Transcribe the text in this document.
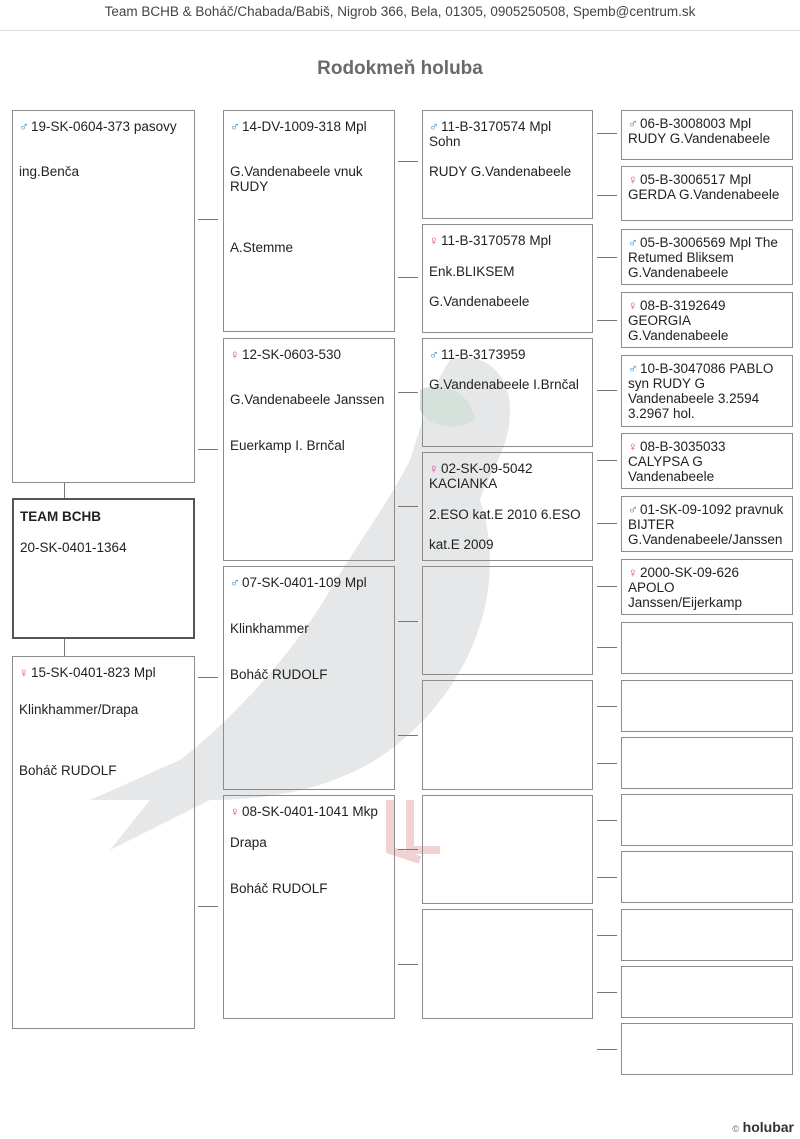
Team BCHB & Boháč/Chabada/Babiš, Nigrob 366, Bela, 01305, 0905250508, Spemb@centrum.sk
Rodokmeň holuba

TEAM BCHB

20-SK-0401-1364

♂ 19-SK-0604-373 pasovy

ing.Benča

♀ 15-SK-0401-823 Mpl

Klinkhammer/Drapa

Boháč RUDOLF

♂ 14-DV-1009-318 Mpl

G.Vandenabeele vnuk RUDY

A.Stemme

♀ 12-SK-0603-530

G.Vandenabeele Janssen

Euerkamp I. Brnčal

♂ 07-SK-0401-109 Mpl

Klinkhammer

Boháč RUDOLF

♀ 08-SK-0401-1041 Mkp

Drapa

Boháč RUDOLF

♂ 11-B-3170574 Mpl Sohn

RUDY G.Vandenabeele

♀ 11-B-3170578 Mpl

Enk.BLIKSEM

G.Vandenabeele

♂ 11-B-3173959

G.Vandenabeele I.Brnčal

♀ 02-SK-09-5042 KACIANKA

2.ESO kat.E 2010 6.ESO

kat.E 2009

♂ 06-B-3008003 Mpl RUDY G.Vandenabeele
♀ 05-B-3006517 Mpl GERDA G.Vandenabeele
♂ 05-B-3006569 Mpl The Retumed Bliksem G.Vandenabeele
♀ 08-B-3192649 GEORGIA G.Vandenabeele
♂ 10-B-3047086 PABLO syn RUDY G Vandenabeele 3.2594 3.2967 hol.
♀ 08-B-3035033 CALYPSA G Vandenabeele
♂ 01-SK-09-1092 pravnuk BIJTER G.Vandenabeele/Janssen
♀ 2000-SK-09-626 APOLO Janssen/Eijerkamp
© holubar
